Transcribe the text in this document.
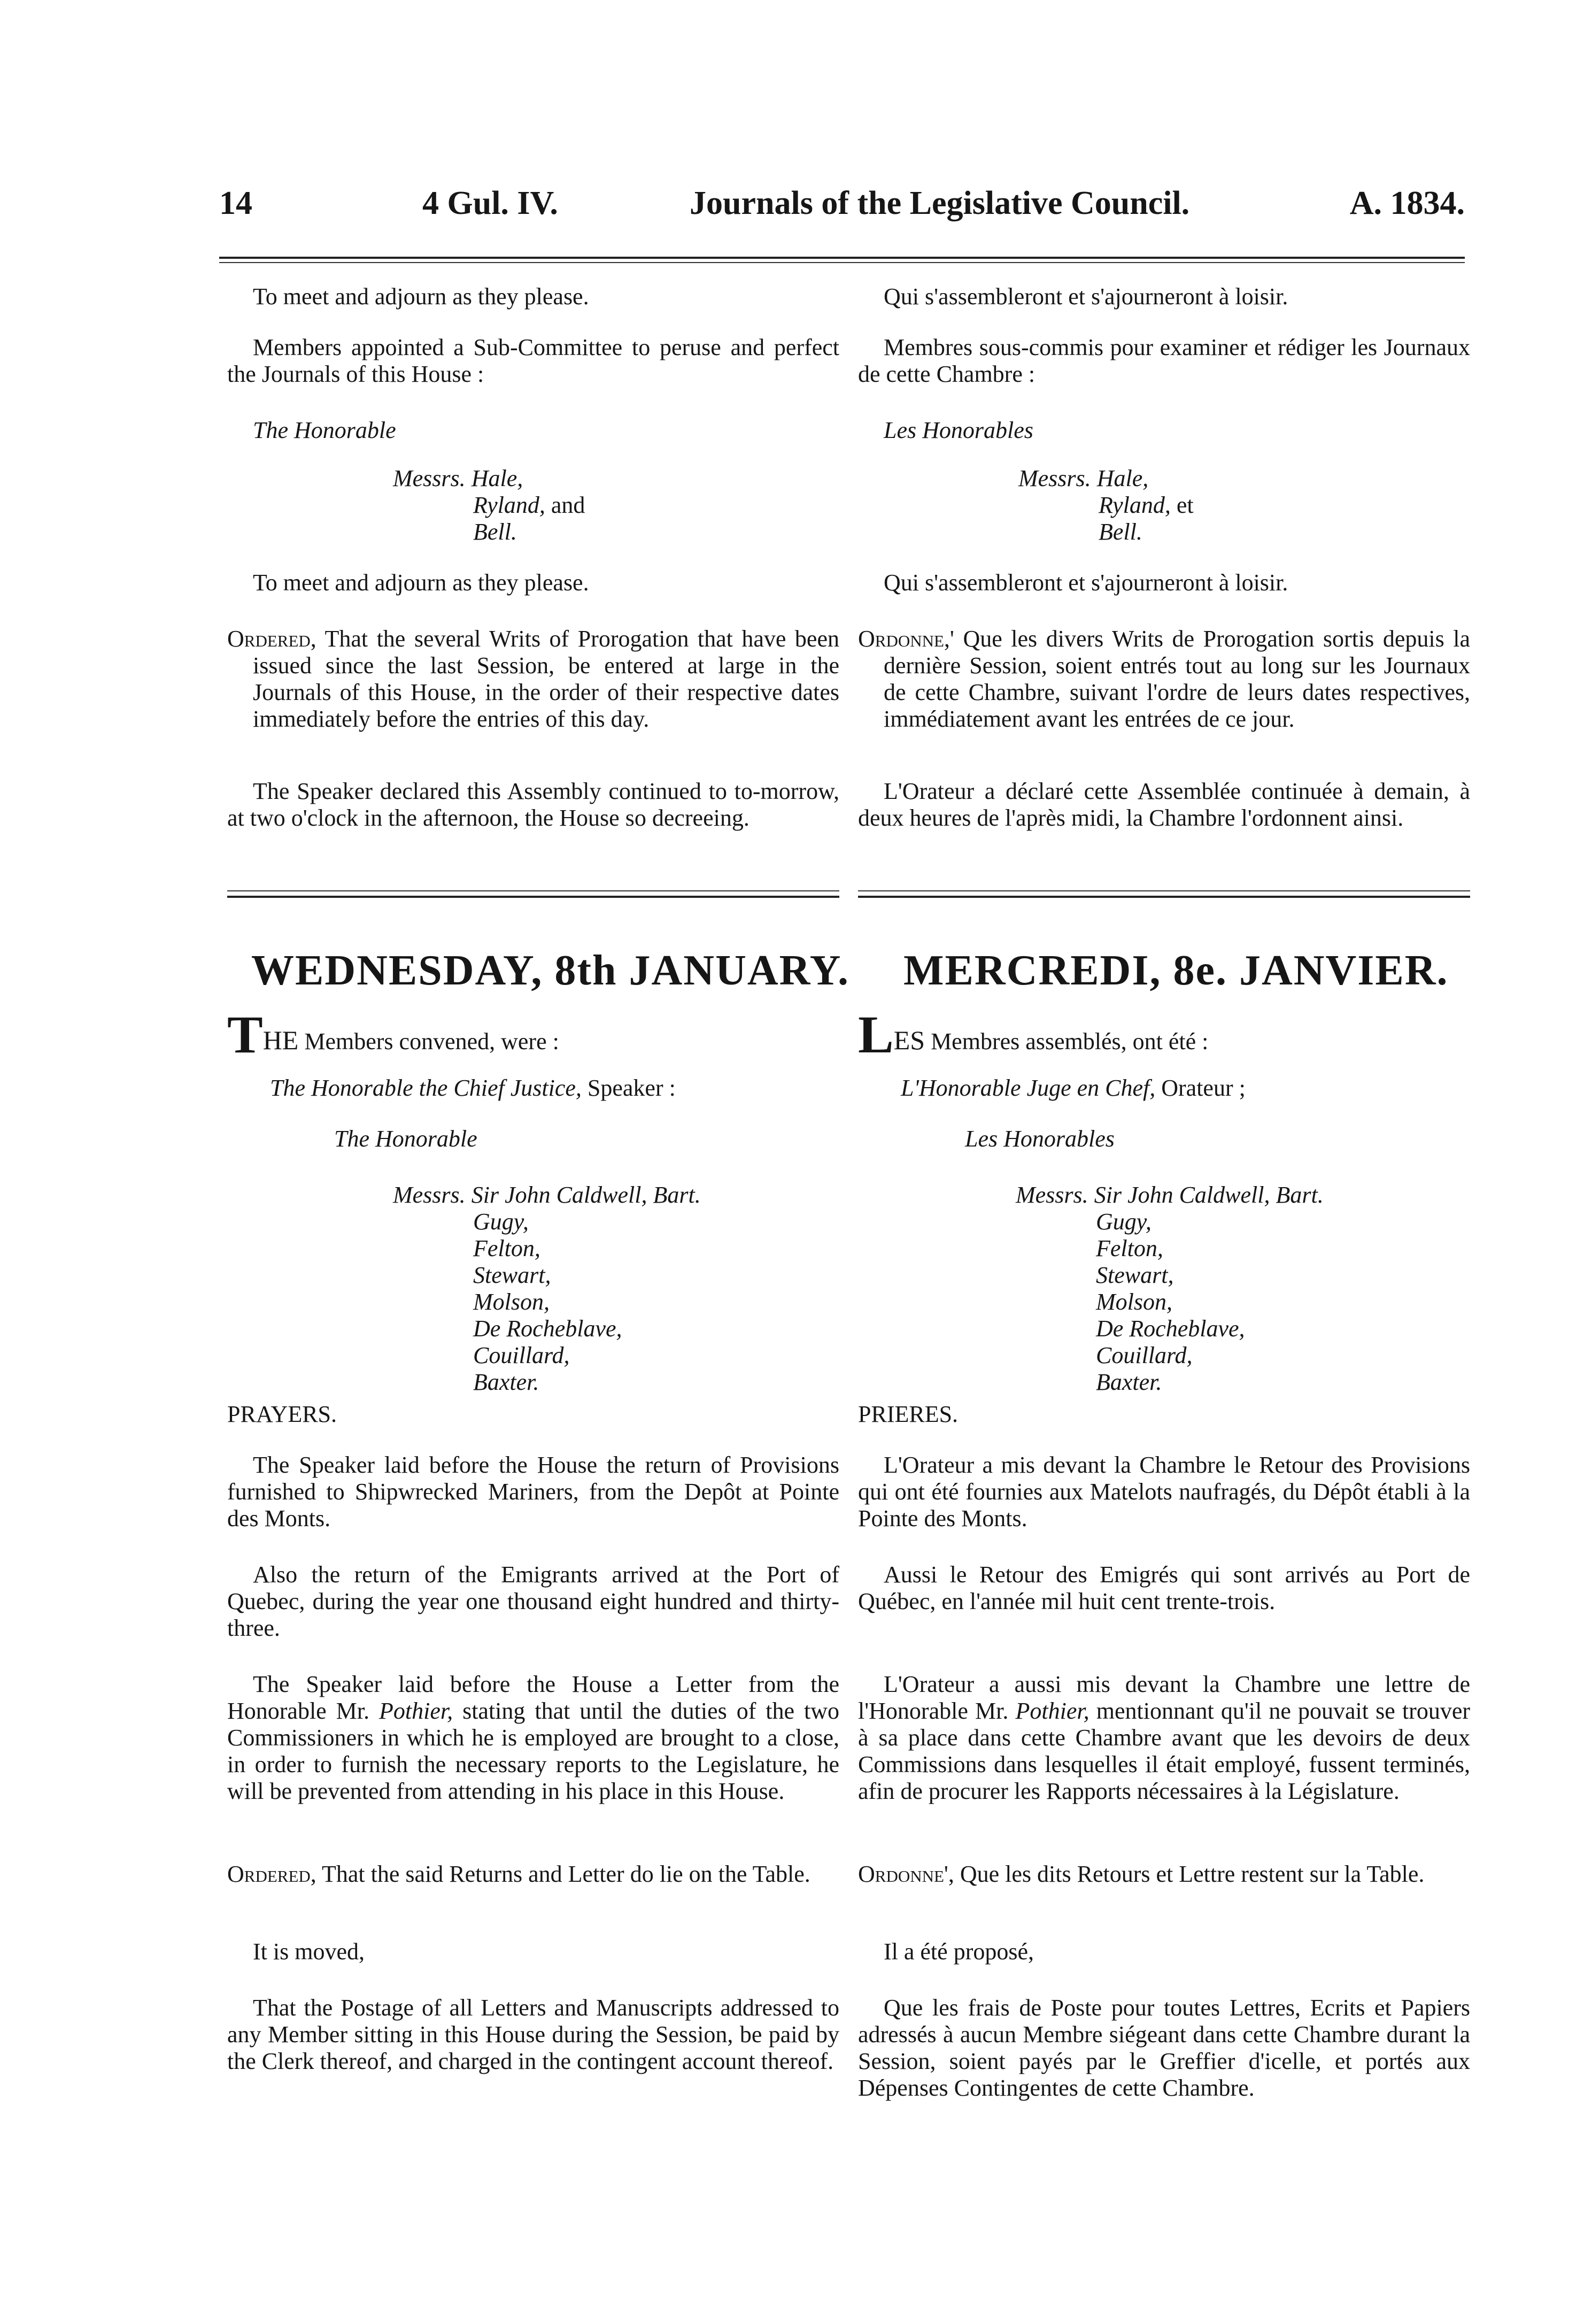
14	4 Gul. IV.	Journals of the Legislative Council.	A. 1834.
To meet and adjourn as they please.
Members appointed a Sub-Committee to peruse and perfect the Journals of this House :
The Honorable
Messrs. Hale,
Ryland, and
Bell.
To meet and adjourn as they please.
Ordered, That the several Writs of Prorogation that have been issued since the last Session, be entered at large in the Journals of this House, in the order of their respective dates immediately before the entries of this day.
The Speaker declared this Assembly continued to to-morrow, at two o'clock in the afternoon, the House so decreeing.
Qui s'assembleront et s'ajourneront à loisir.
Membres sous-commis pour examiner et rédiger les Journaux de cette Chambre :
Les Honorables
Messrs. Hale,
Ryland, et
Bell.
Qui s'assembleront et s'ajourneront à loisir.
Ordonne,' Que les divers Writs de Prorogation sortis depuis la dernière Session, soient entrés tout au long sur les Journaux de cette Chambre, suivant l'ordre de leurs dates respectives, immédiatement avant les entrées de ce jour.
L'Orateur a déclaré cette Assemblée continuée à demain, à deux heures de l'après midi, la Chambre l'ordonnent ainsi.
WEDNESDAY, 8th JANUARY. MERCREDI, 8e. JANVIER.
THE Members convened, were :
The Honorable the Chief Justice, Speaker :
The Honorable
Messrs. Sir John Caldwell, Bart.
Gugy,
Felton,
Stewart,
Molson,
De Rocheblave,
Couillard,
Baxter.
PRAYERS.
The Speaker laid before the House the return of Provisions furnished to Shipwrecked Mariners, from the Depôt at Pointe des Monts.
Also the return of the Emigrants arrived at the Port of Quebec, during the year one thousand eight hundred and thirty-three.
The Speaker laid before the House a Letter from the Honorable Mr. Pothier, stating that until the duties of the two Commissioners in which he is employed are brought to a close, in order to furnish the necessary reports to the Legislature, he will be prevented from attending in his place in this House.
Ordered, That the said Returns and Letter do lie on the Table.
It is moved,
That the Postage of all Letters and Manuscripts addressed to any Member sitting in this House during the Session, be paid by the Clerk thereof, and charged in the contingent account thereof.
LES Membres assemblés, ont été :
L'Honorable Juge en Chef, Orateur ;
Les Honorables
Messrs. Sir John Caldwell, Bart.
Gugy,
Felton,
Stewart,
Molson,
De Rocheblave,
Couillard,
Baxter.
PRIERES.
L'Orateur a mis devant la Chambre le Retour des Provisions qui ont été fournies aux Matelots naufragés, du Dépôt établi à la Pointe des Monts.
Aussi le Retour des Emigrés qui sont arrivés au Port de Québec, en l'année mil huit cent trente-trois.
L'Orateur a aussi mis devant la Chambre une lettre de l'Honorable Mr. Pothier, mentionnant qu'il ne pouvait se trouver à sa place dans cette Chambre avant que les devoirs de deux Commissions dans lesquelles il était employé, fussent terminés, afin de procurer les Rapports nécessaires à la Législature.
Ordonne', Que les dits Retours et Lettre restent sur la Table.
Il a été proposé,
Que les frais de Poste pour toutes Lettres, Ecrits et Papiers adressés à aucun Membre siégeant dans cette Chambre durant la Session, soient payés par le Greffier d'icelle, et portés aux Dépenses Contingentes de cette Chambre.
